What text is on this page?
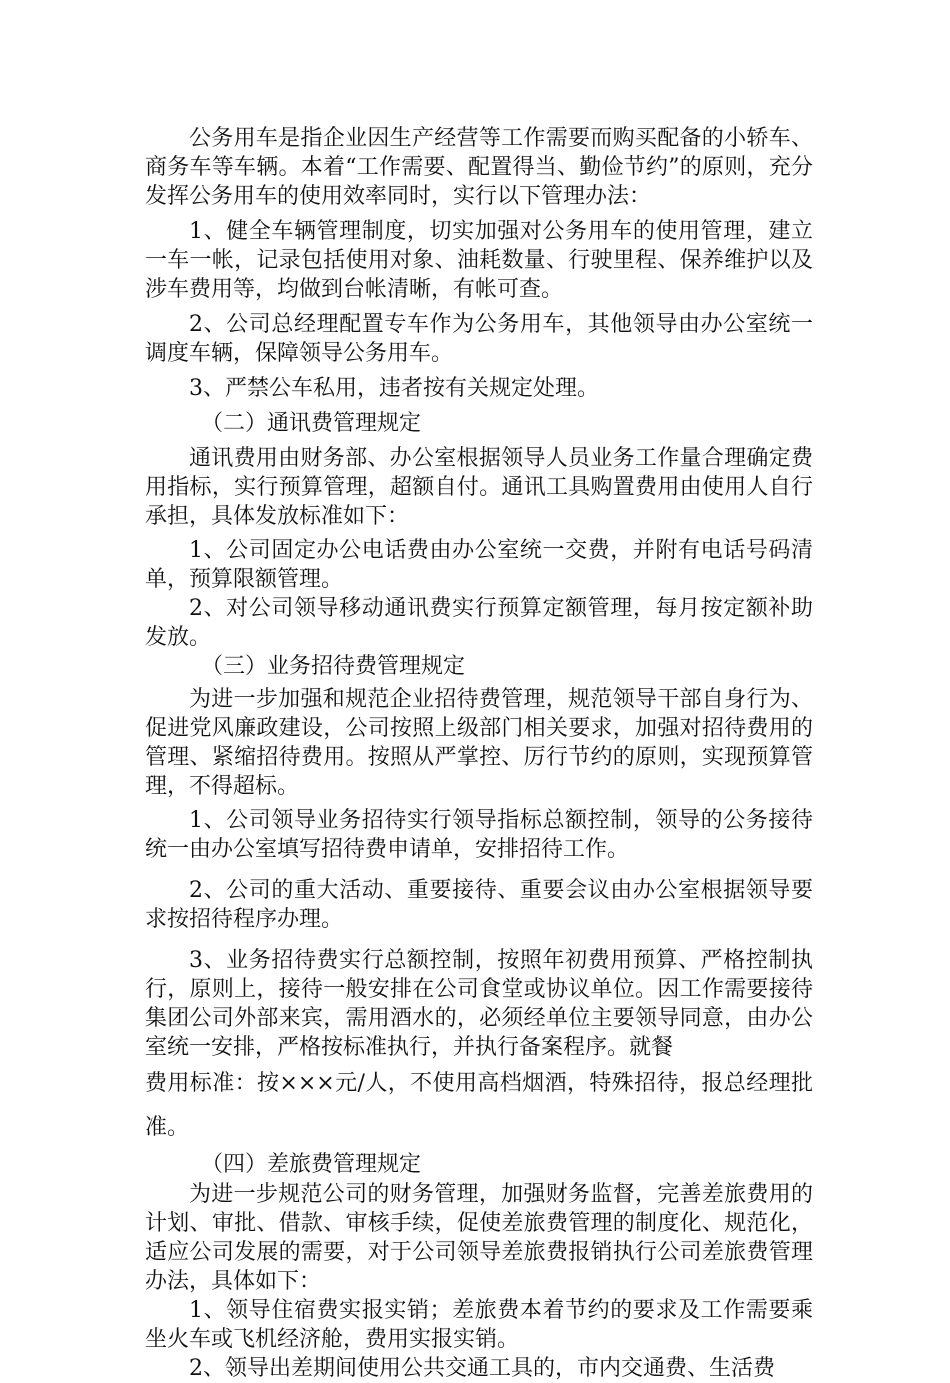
公务用车是指企业因生产经营等工作需要而购买配备的小轿车、商务车等车辆。本着“工作需要、配置得当、勤俭节约”的原则，充分发挥公务用车的使用效率同时，实行以下管理办法：

1、健全车辆管理制度，切实加强对公务用车的使用管理，建立一车一帐，记录包括使用对象、油耗数量、行驶里程、保养维护以及涉车费用等，均做到台帐清晰，有帐可查。

2、公司总经理配置专车作为公务用车，其他领导由办公室统一调度车辆，保障领导公务用车。

3、严禁公车私用，违者按有关规定处理。

（二）通讯费管理规定

通讯费用由财务部、办公室根据领导人员业务工作量合理确定费用指标，实行预算管理，超额自付。通讯工具购置费用由使用人自行承担，具体发放标准如下：

1、公司固定办公电话费由办公室统一交费，并附有电话号码清单，预算限额管理。

2、对公司领导移动通讯费实行预算定额管理，每月按定额补助发放。

（三）业务招待费管理规定

为进一步加强和规范企业招待费管理，规范领导干部自身行为、促进党风廉政建设，公司按照上级部门相关要求，加强对招待费用的管理、紧缩招待费用。按照从严掌控、厉行节约的原则，实现预算管理，不得超标。

1、公司领导业务招待实行领导指标总额控制，领导的公务接待统一由办公室填写招待费申请单，安排招待工作。

2、公司的重大活动、重要接待、重要会议由办公室根据领导要求按招待程序办理。

3、业务招待费实行总额控制，按照年初费用预算、严格控制执行，原则上，接待一般安排在公司食堂或协议单位。因工作需要接待集团公司外部来宾，需用酒水的，必须经单位主要领导同意，由办公室统一安排，严格按标准执行，并执行备案程序。就餐

费用标准：按×××元/人，不使用高档烟酒，特殊招待，报总经理批准。

（四）差旅费管理规定

为进一步规范公司的财务管理，加强财务监督，完善差旅费用的计划、审批、借款、审核手续，促使差旅费管理的制度化、规范化，适应公司发展的需要，对于公司领导差旅费报销执行公司差旅费管理办法，具体如下：

1、领导住宿费实报实销；差旅费本着节约的要求及工作需要乘坐火车或飞机经济舱，费用实报实销。

2、领导出差期间使用公共交通工具的，市内交通费、生活费
